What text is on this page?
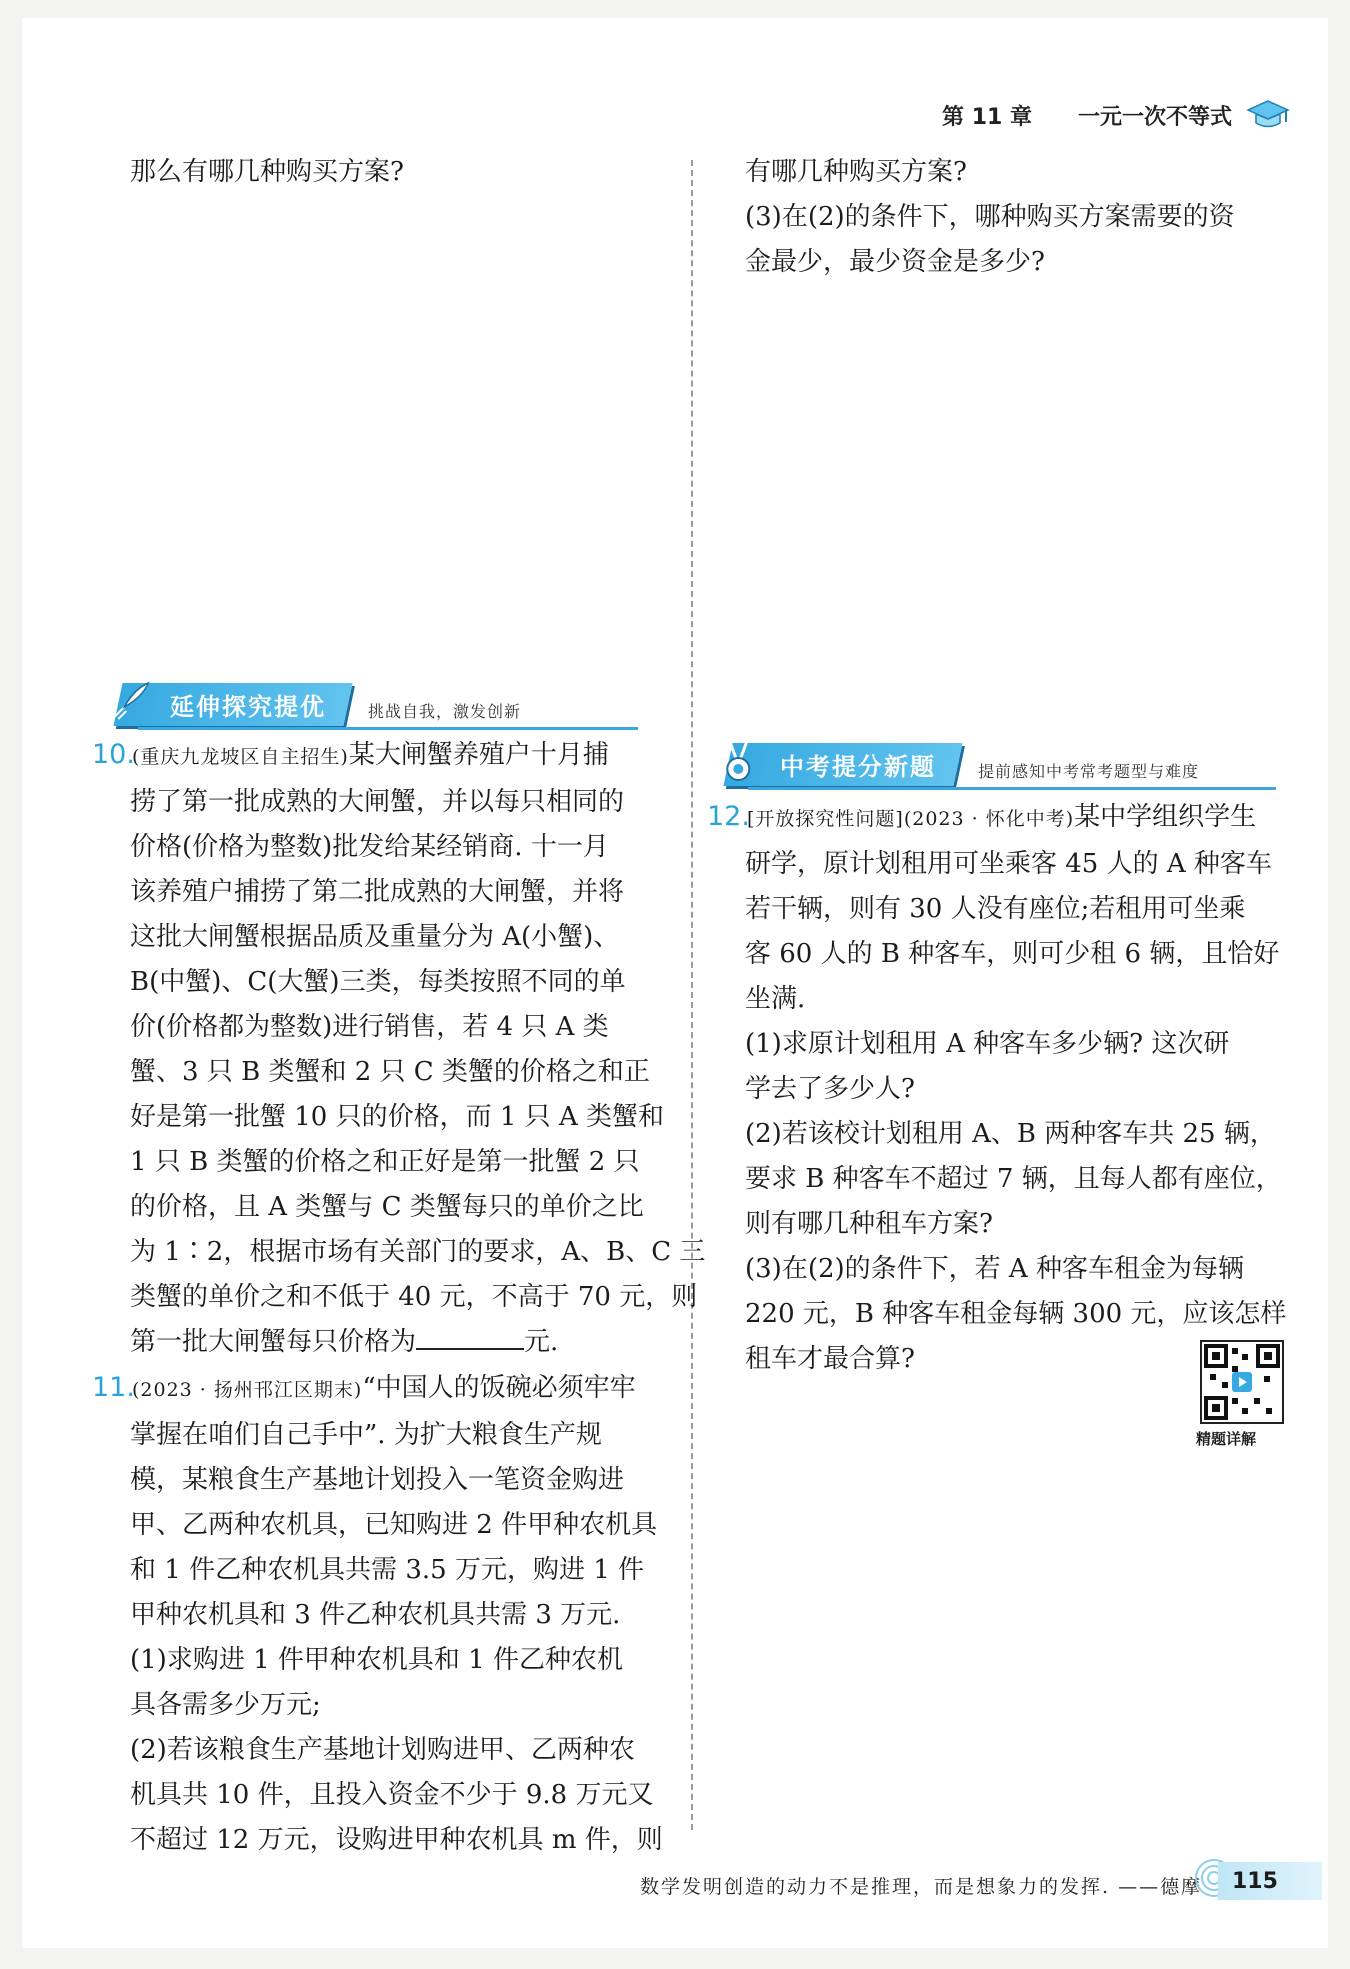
第 11 章 一元一次不等式
那么有哪几种购买方案?
延伸探究提优	挑战自我，激发创新
10.(重庆九龙坡区自主招生)某大闸蟹养殖户十月捕
捞了第一批成熟的大闸蟹，并以每只相同的
价格(价格为整数)批发给某经销商. 十一月
该养殖户捕捞了第二批成熟的大闸蟹，并将
这批大闸蟹根据品质及重量分为 A(小蟹)、
B(中蟹)、C(大蟹)三类，每类按照不同的单
价(价格都为整数)进行销售，若 4 只 A 类
蟹、3 只 B 类蟹和 2 只 C 类蟹的价格之和正
好是第一批蟹 10 只的价格，而 1 只 A 类蟹和
1 只 B 类蟹的价格之和正好是第一批蟹 2 只
的价格，且 A 类蟹与 C 类蟹每只的单价之比
为 1∶2，根据市场有关部门的要求，A、B、C 三
类蟹的单价之和不低于 40 元，不高于 70 元，则
第一批大闸蟹每只价格为	元.
11.(2023 · 扬州邗江区期末)“中国人的饭碗必须牢牢
掌握在咱们自己手中”. 为扩大粮食生产规
模，某粮食生产基地计划投入一笔资金购进
甲、乙两种农机具，已知购进 2 件甲种农机具
和 1 件乙种农机具共需 3.5 万元，购进 1 件
甲种农机具和 3 件乙种农机具共需 3 万元.
(1)求购进 1 件甲种农机具和 1 件乙种农机
具各需多少万元;
(2)若该粮食生产基地计划购进甲、乙两种农
机具共 10 件，且投入资金不少于 9.8 万元又
不超过 12 万元，设购进甲种农机具 m 件，则
有哪几种购买方案?
(3)在(2)的条件下，哪种购买方案需要的资
金最少，最少资金是多少?
中考提分新题	提前感知中考常考题型与难度
12.[开放探究性问题](2023 · 怀化中考)某中学组织学生
研学，原计划租用可坐乘客 45 人的 A 种客车
若干辆，则有 30 人没有座位;若租用可坐乘
客 60 人的 B 种客车，则可少租 6 辆，且恰好
坐满.
(1)求原计划租用 A 种客车多少辆? 这次研
学去了多少人?
(2)若该校计划租用 A、B 两种客车共 25 辆，
要求 B 种客车不超过 7 辆，且每人都有座位，
则有哪几种租车方案?
(3)在(2)的条件下，若 A 种客车租金为每辆
220 元，B 种客车租金每辆 300 元，应该怎样
租车才最合算?
精题详解
数学发明创造的动力不是推理，而是想象力的发挥. ——德摩	115
